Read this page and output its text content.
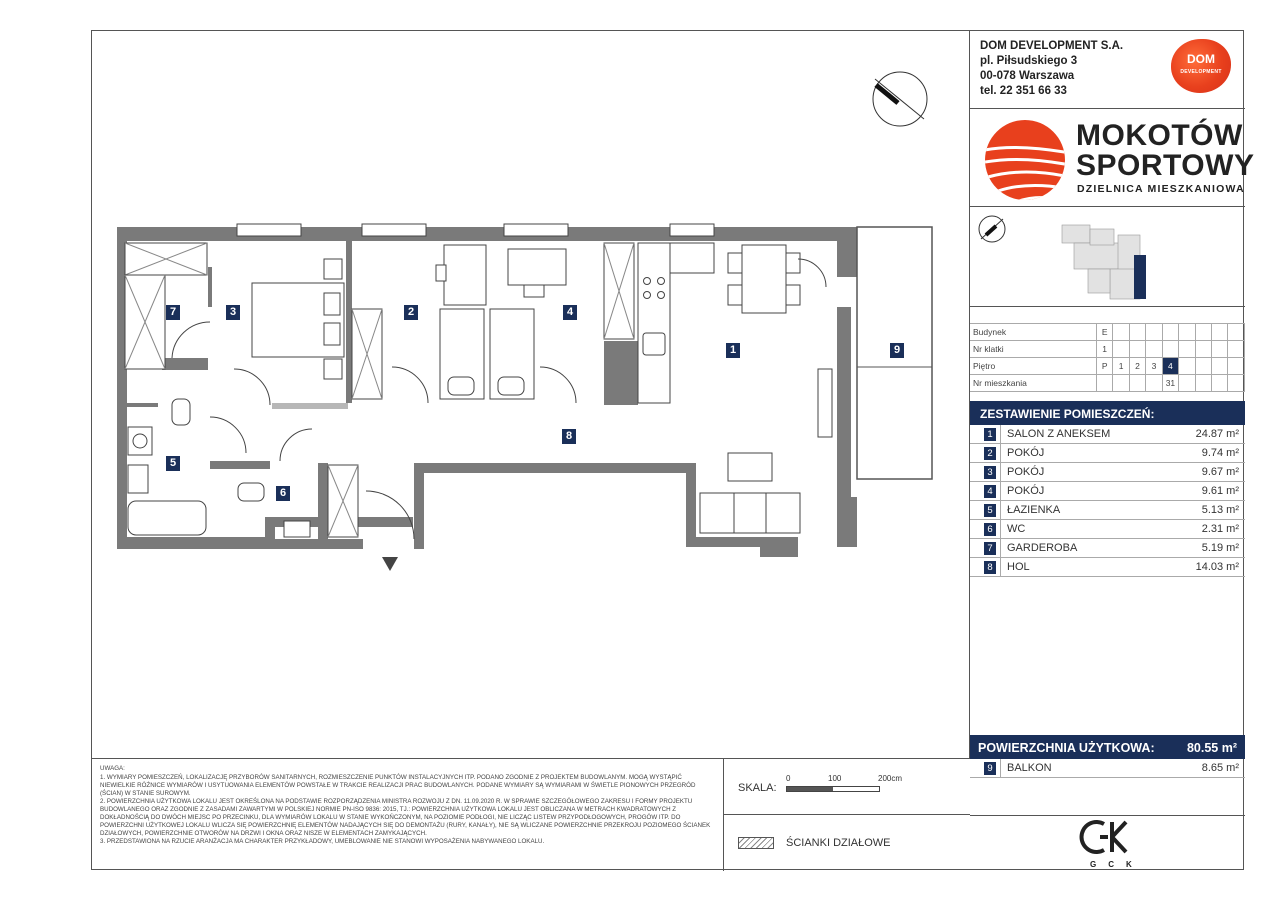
1
2
3	4
5
6
7
8
9
UWAGA:
1. WYMIARY POMIESZCZEŃ, LOKALIZACJĘ PRZYBORÓW SANITARNYCH, ROZMIESZCZENIE PUNKTÓW INSTALACYJNYCH ITP. PODANO ZGODNIE Z PROJEKTEM BUDOWLANYM. MOGĄ WYSTĄPIĆ NIEWIELKIE RÓŻNICE WYMIARÓW I USYTUOWANIA ELEMENTÓW POWSTAŁE W TRAKCIE REALIZACJI PRAC BUDOWLANYCH. PODANE WYMIARY SĄ WYMIARAMI W ŚWIETLE PIONOWYCH PRZEGRÓD (ŚCIAN) W STANIE SUROWYM.
2. POWIERZCHNIA UŻYTKOWA LOKALU JEST OKREŚLONA NA PODSTAWIE ROZPORZĄDZENIA MINISTRA ROZWOJU Z DN. 11.09.2020 R. W SPRAWIE SZCZEGÓŁOWEGO ZAKRESU I FORMY PROJEKTU BUDOWLANEGO ORAZ ZGODNIE Z ZASADAMI ZAWARTYMI W POLSKIEJ NORMIE PN-ISO 9836: 2015, TJ.: POWIERZCHNIA UŻYTKOWA LOKALU JEST OBLICZANA W METRACH KWADRATOWYCH Z DOKŁADNOŚCIĄ DO DWÓCH MIEJSC PO PRZECINKU, DLA WYMIARÓW LOKALU W STANIE WYKOŃCZONYM, NA POZIOMIE PODŁOGI, NIE LICZĄC LISTEW PRZYPODŁOGOWYCH, PROGÓW ITP. DO POWIERZCHNI UŻYTKOWEJ LOKALU WLICZA SIĘ POWIERZCHNIĘ ELEMENTÓW NADAJĄCYCH SIĘ DO DEMONTAŻU (RURY, KANAŁY), NIE SĄ WLICZANE POWIERZCHNIE PRZEKROJU POZIOMEGO ŚCIANEK DZIAŁOWYCH, POWIERZCHNIE OTWORÓW NA DRZWI I OKNA ORAZ NISZE W ELEMENTACH ZAMYKAJĄCYCH.
3. PRZEDSTAWIONA NA RZUCIE ARANŻACJA MA CHARAKTER PRZYKŁADOWY, UMEBLOWANIE NIE STANOWI WYPOSAŻENIA NABYWANEGO LOKALU.
SKALA:
0	100	200cm
ŚCIANKI DZIAŁOWE
DOM DEVELOPMENT S.A.
pl. Piłsudskiego 3
00-078 Warszawa
tel. 22 351 66 33
DOM
DEVELOPMENT
MOKOTÓW
SPORTOWY
DZIELNICA MIESZKANIOWA
Budynek	E								
Nr klatki	1								
Piętro	P	1	2	3	4				
Nr mieszkania					31				
ZESTAWIENIE POMIESZCZEŃ:
1	SALON Z ANEKSEM	24.87 m²
2	POKÓJ	9.74 m²
3	POKÓJ	9.67 m²
4	POKÓJ	9.61 m²
5	ŁAZIENKA	5.13 m²
6	WC	2.31 m²
7	GARDEROBA	5.19 m²
8	HOL	14.03 m²
POWIERZCHNIA UŻYTKOWA:	80.55 m²
9	BALKON	8.65 m²
GCK
